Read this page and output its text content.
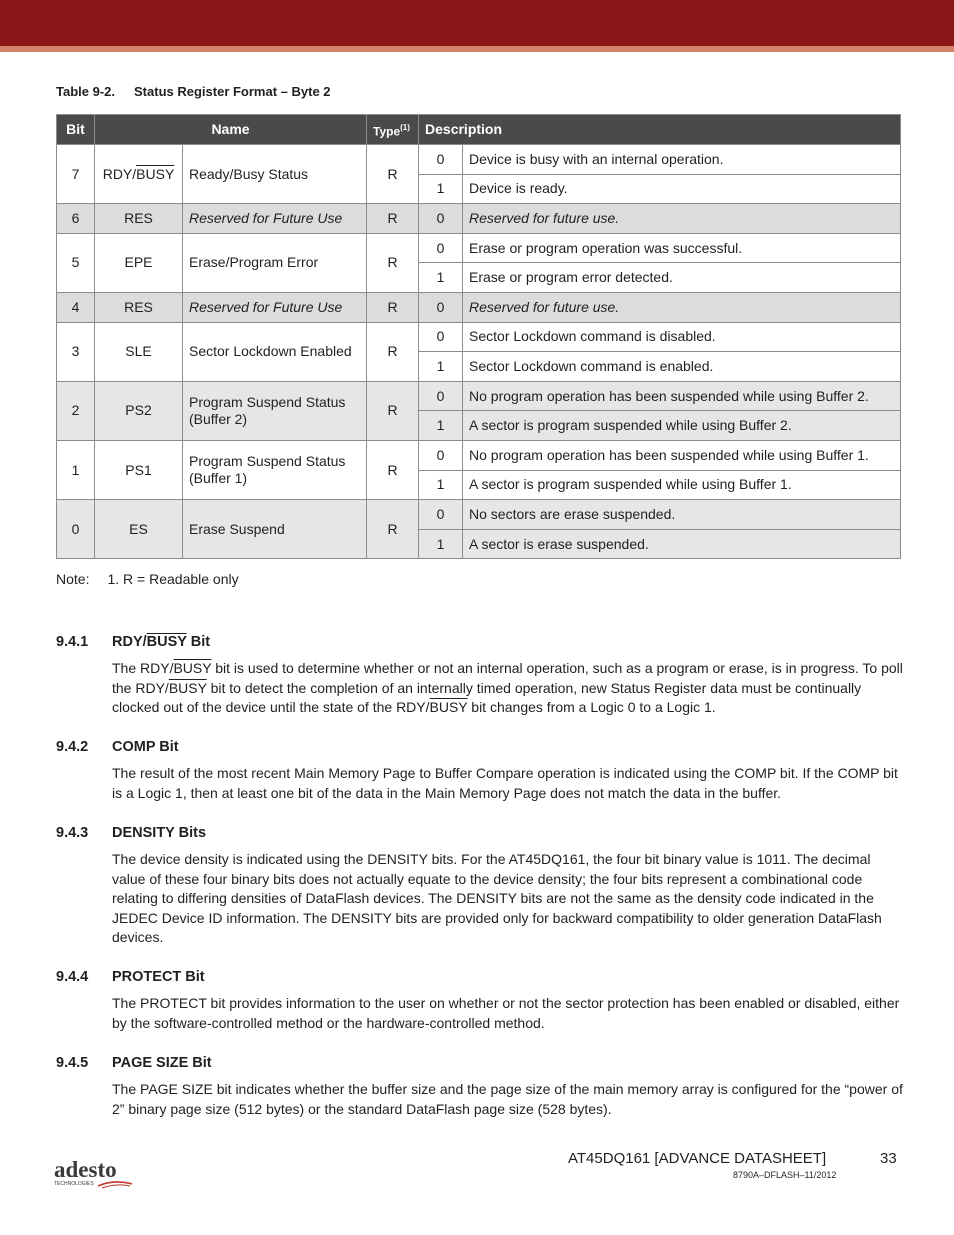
Table 9-2. Status Register Format – Byte 2
Bit	Name		Type$^{(1)}$	Description	
7	RDY/BUSY	Ready/Busy Status	R	0	Device is busy with an internal operation.
				1	Device is ready.
6	RES	Reserved for Future Use	R	0	Reserved for future use.
5	EPE	Erase/Program Error	R	0	Erase or program operation was successful.
				1	Erase or program error detected.
4	RES	Reserved for Future Use	R	0	Reserved for future use.
3	SLE	Sector Lockdown Enabled	R	0	Sector Lockdown command is disabled.
				1	Sector Lockdown command is enabled.
2	PS2	Program Suspend Status (Buffer 2)	R	0	No program operation has been suspended while using Buffer 2.
				1	A sector is program suspended while using Buffer 2.
1	PS1	Program Suspend Status (Buffer 1)	R	0	No program operation has been suspended while using Buffer 1.
				1	A sector is program suspended while using Buffer 1.
0	ES	Erase Suspend	R	0	No sectors are erase suspended.
				1	A sector is erase suspended.
Note: 1. R = Readable only
9.4.1 RDY/BUSY Bit

The RDY/BUSY bit is used to determine whether or not an internal operation, such as a program or erase, is in progress. To poll the RDY/BUSY bit to detect the completion of an internally timed operation, new Status Register data must be continually clocked out of the device until the state of the RDY/BUSY bit changes from a Logic 0 to a Logic 1.

9.4.2 COMP Bit

The result of the most recent Main Memory Page to Buffer Compare operation is indicated using the COMP bit. If the COMP bit is a Logic 1, then at least one bit of the data in the Main Memory Page does not match the data in the buffer.

9.4.3 DENSITY Bits

The device density is indicated using the DENSITY bits. For the AT45DQ161, the four bit binary value is 1011. The decimal value of these four binary bits does not actually equate to the device density; the four bits represent a combinational code relating to differing densities of DataFlash devices. The DENSITY bits are not the same as the density code indicated in the JEDEC Device ID information. The DENSITY bits are provided only for backward compatibility to older generation DataFlash devices.

9.4.4 PROTECT Bit

The PROTECT bit provides information to the user on whether or not the sector protection has been enabled or disabled, either by the software-controlled method or the hardware-controlled method.

9.4.5 PAGE SIZE Bit

The PAGE SIZE bit indicates whether the buffer size and the page size of the main memory array is configured for the “power of 2” binary page size (512 bytes) or the standard DataFlash page size (528 bytes).

adesto
TECHNOLOGIES
AT45DQ161 [ADVANCE DATASHEET]	33
8790A–DFLASH–11/2012
